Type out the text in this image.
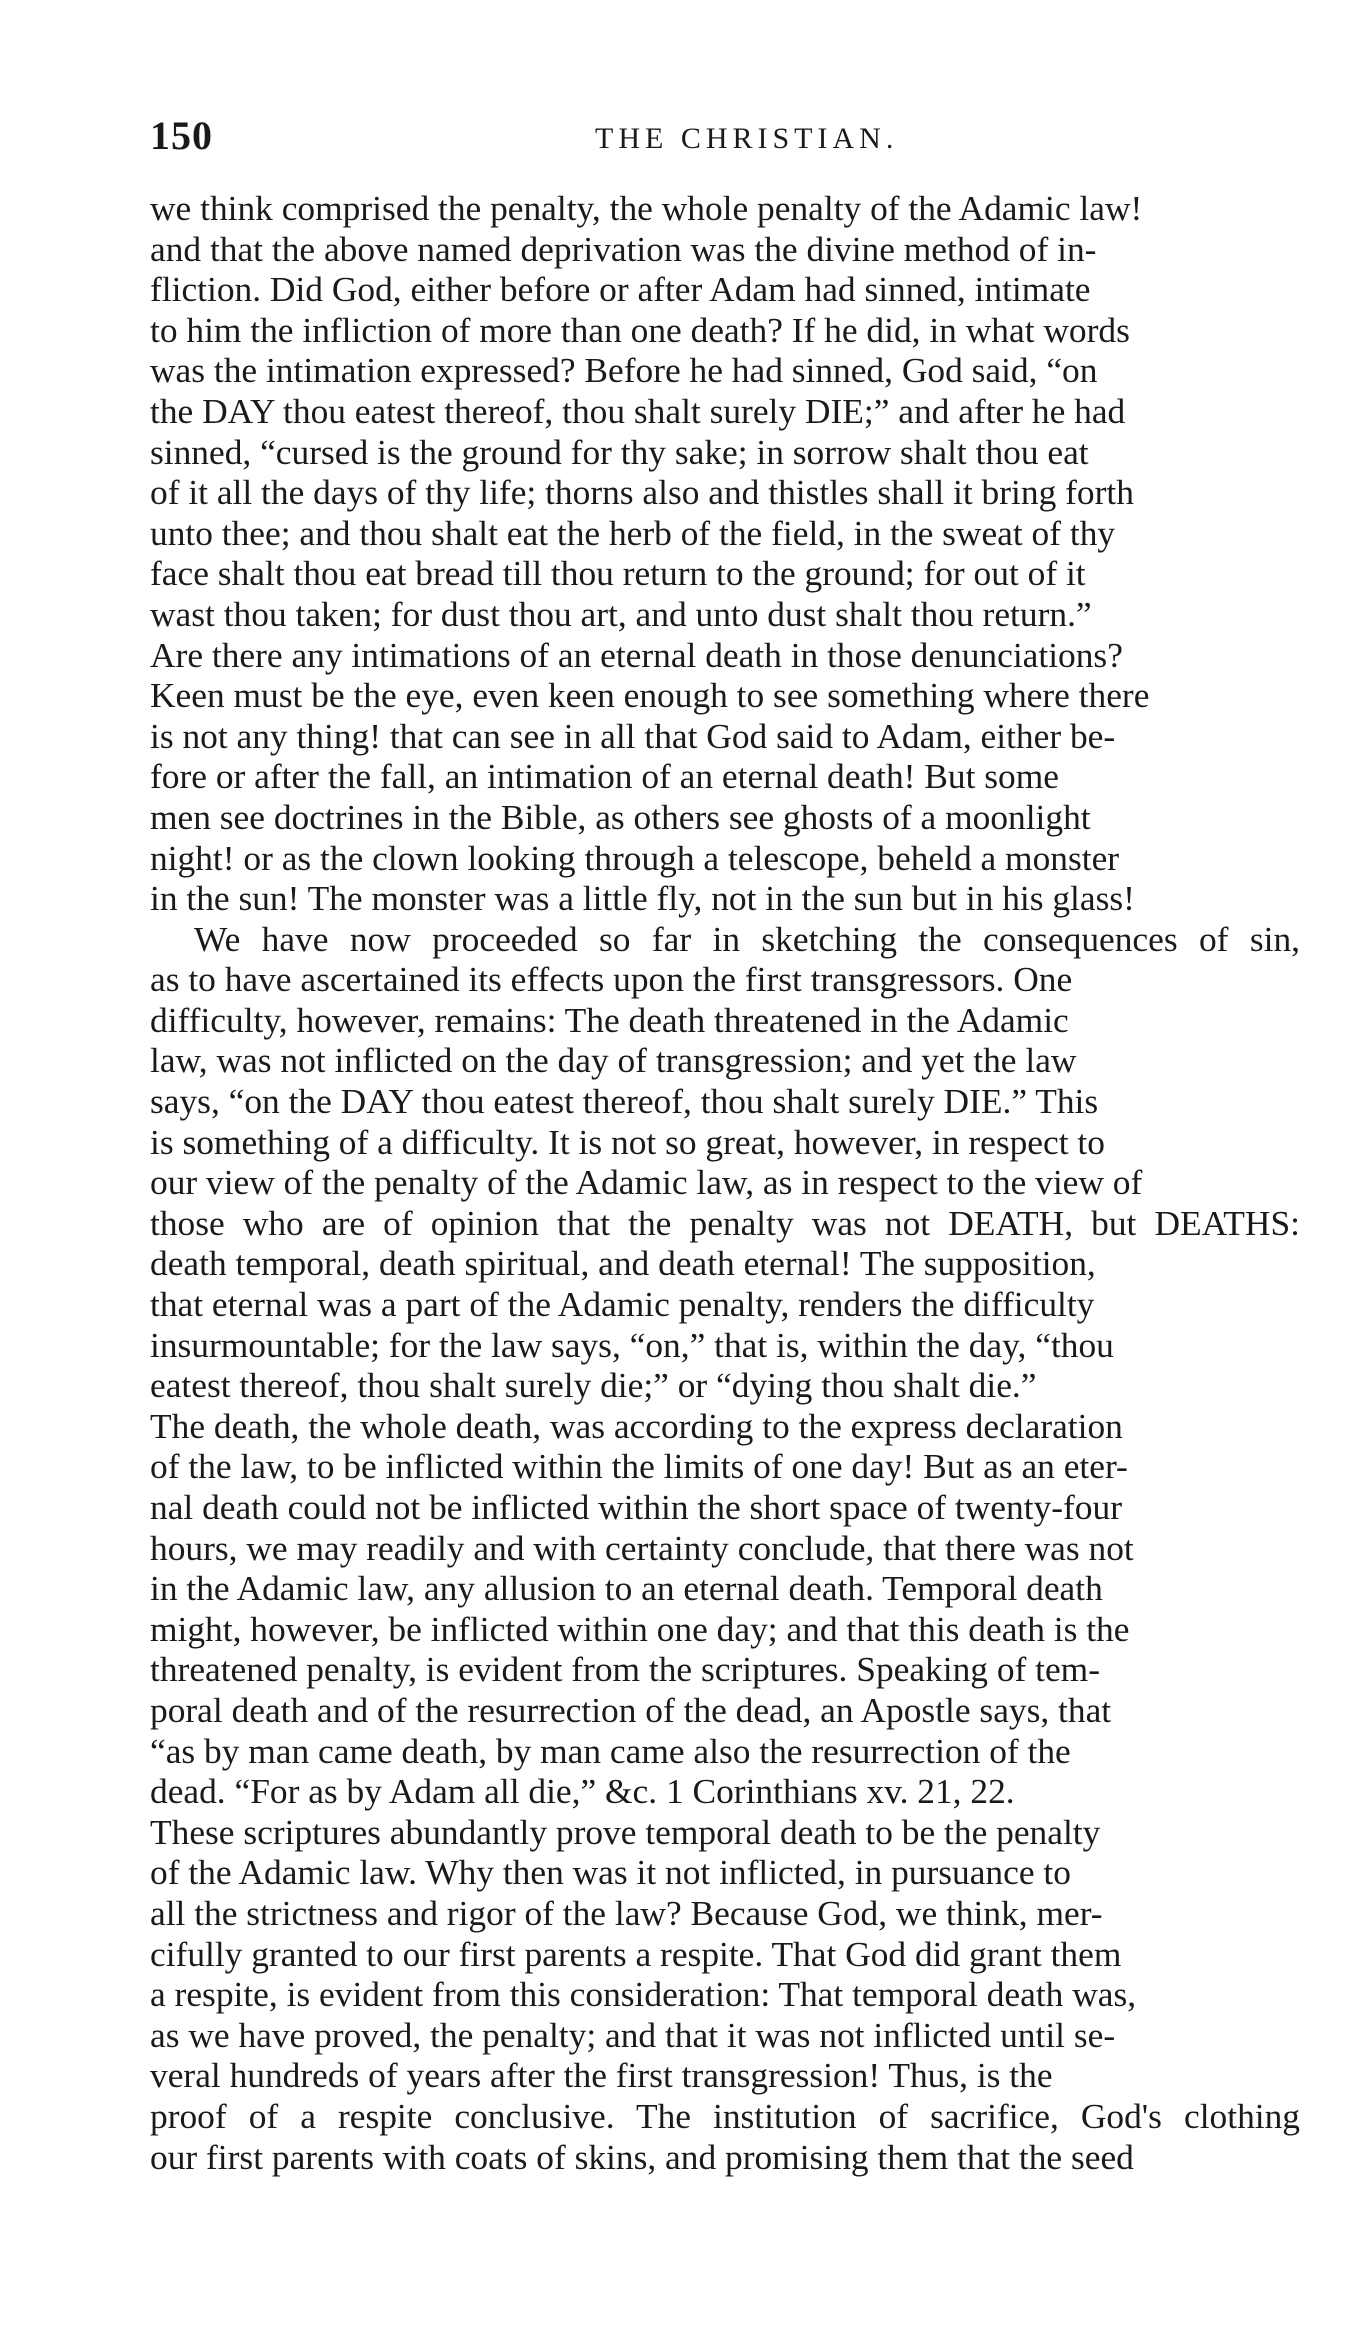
150	THE CHRISTIAN.
we think comprised the penalty, the whole penalty of the Adamic law!
and that the above named deprivation was the divine method of in-
fliction. Did God, either before or after Adam had sinned, intimate
to him the infliction of more than one death? If he did, in what words
was the intimation expressed? Before he had sinned, God said, “on
the DAY thou eatest thereof, thou shalt surely DIE;” and after he had
sinned, “cursed is the ground for thy sake; in sorrow shalt thou eat
of it all the days of thy life; thorns also and thistles shall it bring forth
unto thee; and thou shalt eat the herb of the field, in the sweat of thy
face shalt thou eat bread till thou return to the ground; for out of it
wast thou taken; for dust thou art, and unto dust shalt thou return.”
Are there any intimations of an eternal death in those denunciations?
Keen must be the eye, even keen enough to see something where there
is not any thing! that can see in all that God said to Adam, either be-
fore or after the fall, an intimation of an eternal death! But some
men see doctrines in the Bible, as others see ghosts of a moonlight
night! or as the clown looking through a telescope, beheld a monster
in the sun! The monster was a little fly, not in the sun but in his glass!
We have now proceeded so far in sketching the consequences of sin,
as to have ascertained its effects upon the first transgressors. One
difficulty, however, remains: The death threatened in the Adamic
law, was not inflicted on the day of transgression; and yet the law
says, “on the DAY thou eatest thereof, thou shalt surely DIE.” This
is something of a difficulty. It is not so great, however, in respect to
our view of the penalty of the Adamic law, as in respect to the view of
those who are of opinion that the penalty was not DEATH, but DEATHS:
death temporal, death spiritual, and death eternal! The supposition,
that eternal was a part of the Adamic penalty, renders the difficulty
insurmountable; for the law says, “on,” that is, within the day, “thou
eatest thereof, thou shalt surely die;” or “dying thou shalt die.”
The death, the whole death, was according to the express declaration
of the law, to be inflicted within the limits of one day! But as an eter-
nal death could not be inflicted within the short space of twenty-four
hours, we may readily and with certainty conclude, that there was not
in the Adamic law, any allusion to an eternal death. Temporal death
might, however, be inflicted within one day; and that this death is the
threatened penalty, is evident from the scriptures. Speaking of tem-
poral death and of the resurrection of the dead, an Apostle says, that
“as by man came death, by man came also the resurrection of the
dead. “For as by Adam all die,” &c. 1 Corinthians xv. 21, 22.
These scriptures abundantly prove temporal death to be the penalty
of the Adamic law. Why then was it not inflicted, in pursuance to
all the strictness and rigor of the law? Because God, we think, mer-
cifully granted to our first parents a respite. That God did grant them
a respite, is evident from this consideration: That temporal death was,
as we have proved, the penalty; and that it was not inflicted until se-
veral hundreds of years after the first transgression! Thus, is the
proof of a respite conclusive. The institution of sacrifice, God's clothing
our first parents with coats of skins, and promising them that the seed
